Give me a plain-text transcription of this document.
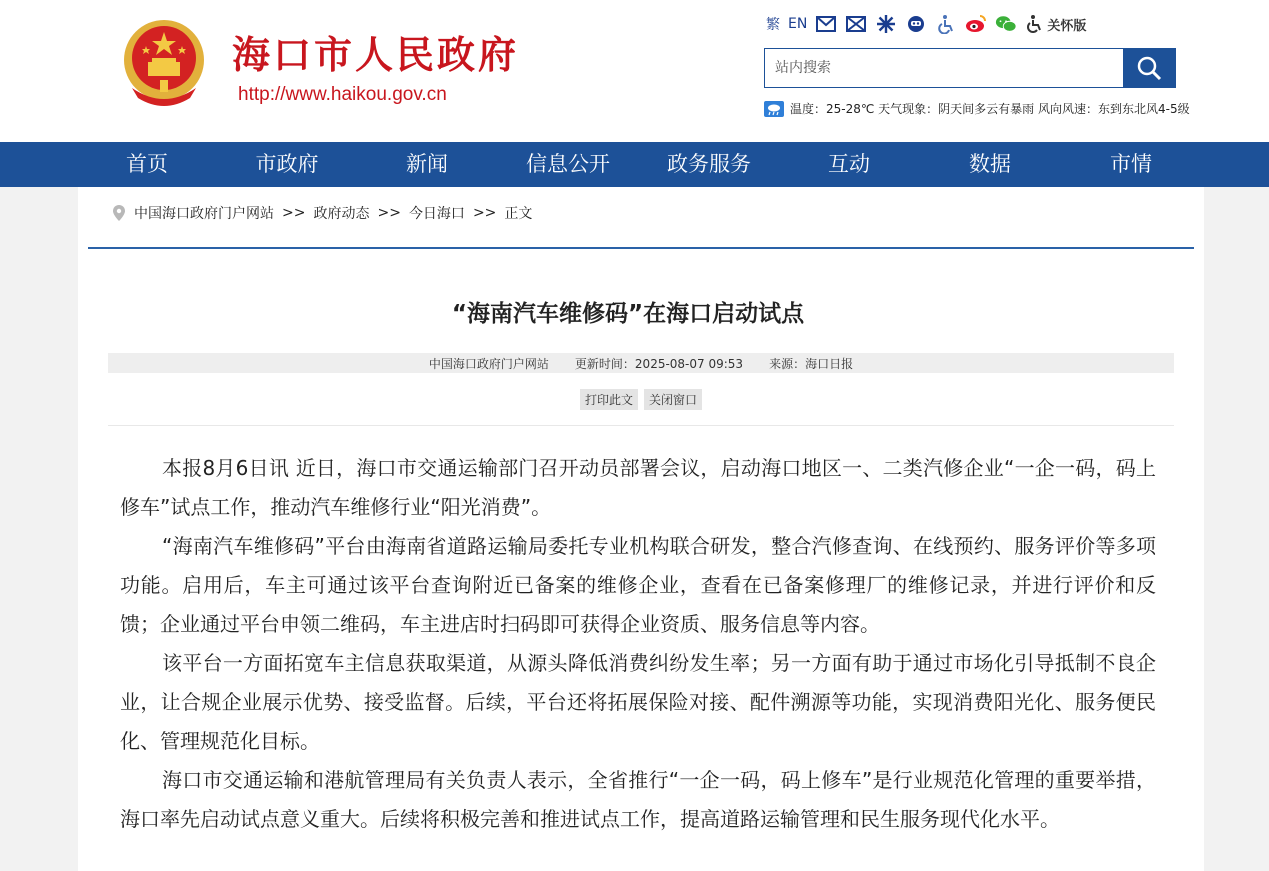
海口市人民政府
http://www.haikou.gov.cn
繁 EN	关怀版
站内搜索
温度：25-28℃ 天气现象：阴天间多云有暴雨 风向风速：东到东北风4-5级
首页	市政府	新闻	信息公开	政务服务	互动	数据	市情
中国海口政府门户网站 >> 政府动态 >> 今日海口 >> 正文
“海南汽车维修码”在海口启动试点
中国海口政府门户网站 更新时间：2025-08-07 09:53 来源：海口日报
打印此文	关闭窗口

本报8月6日讯 近日，海口市交通运输部门召开动员部署会议，启动海口地区一、二类汽修企业“一企一码，码上修车”试点工作，推动汽车维修行业“阳光消费”。

“海南汽车维修码”平台由海南省道路运输局委托专业机构联合研发，整合汽修查询、在线预约、服务评价等多项功能。启用后，车主可通过该平台查询附近已备案的维修企业，查看在已备案修理厂的维修记录，并进行评价和反馈；企业通过平台申领二维码，车主进店时扫码即可获得企业资质、服务信息等内容。

该平台一方面拓宽车主信息获取渠道，从源头降低消费纠纷发生率；另一方面有助于通过市场化引导抵制不良企业，让合规企业展示优势、接受监督。后续，平台还将拓展保险对接、配件溯源等功能，实现消费阳光化、服务便民化、管理规范化目标。

海口市交通运输和港航管理局有关负责人表示，全省推行“一企一码，码上修车”是行业规范化管理的重要举措，海口率先启动试点意义重大。后续将积极完善和推进试点工作，提高道路运输管理和民生服务现代化水平。
